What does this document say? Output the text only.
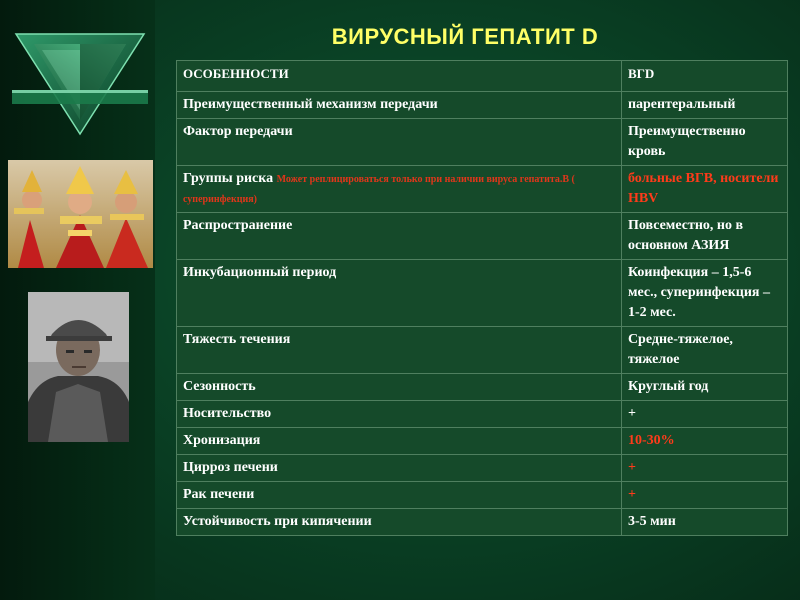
ВИРУСНЫЙ ГЕПАТИТ D
ОСОБЕННОСТИ	ВГD
Преимущественный механизм передачи	парентеральный
Фактор передачи	Преимущественно кровь
Группы риска Может реплицироваться только при наличии вируса гепатита.В ( суперинфекция)	больные ВГВ, носители НВV
Распространение	Повсеместно, но в основном АЗИЯ
Инкубационный период	Коинфекция – 1,5-6 мес., суперинфекция – 1-2 мес.
Тяжесть течения	Средне-тяжелое, тяжелое
Сезонность	Круглый год
Носительство	+
Хронизация	10-30%
Цирроз печени	+
Рак печени	+
Устойчивость при кипячении	3-5 мин
